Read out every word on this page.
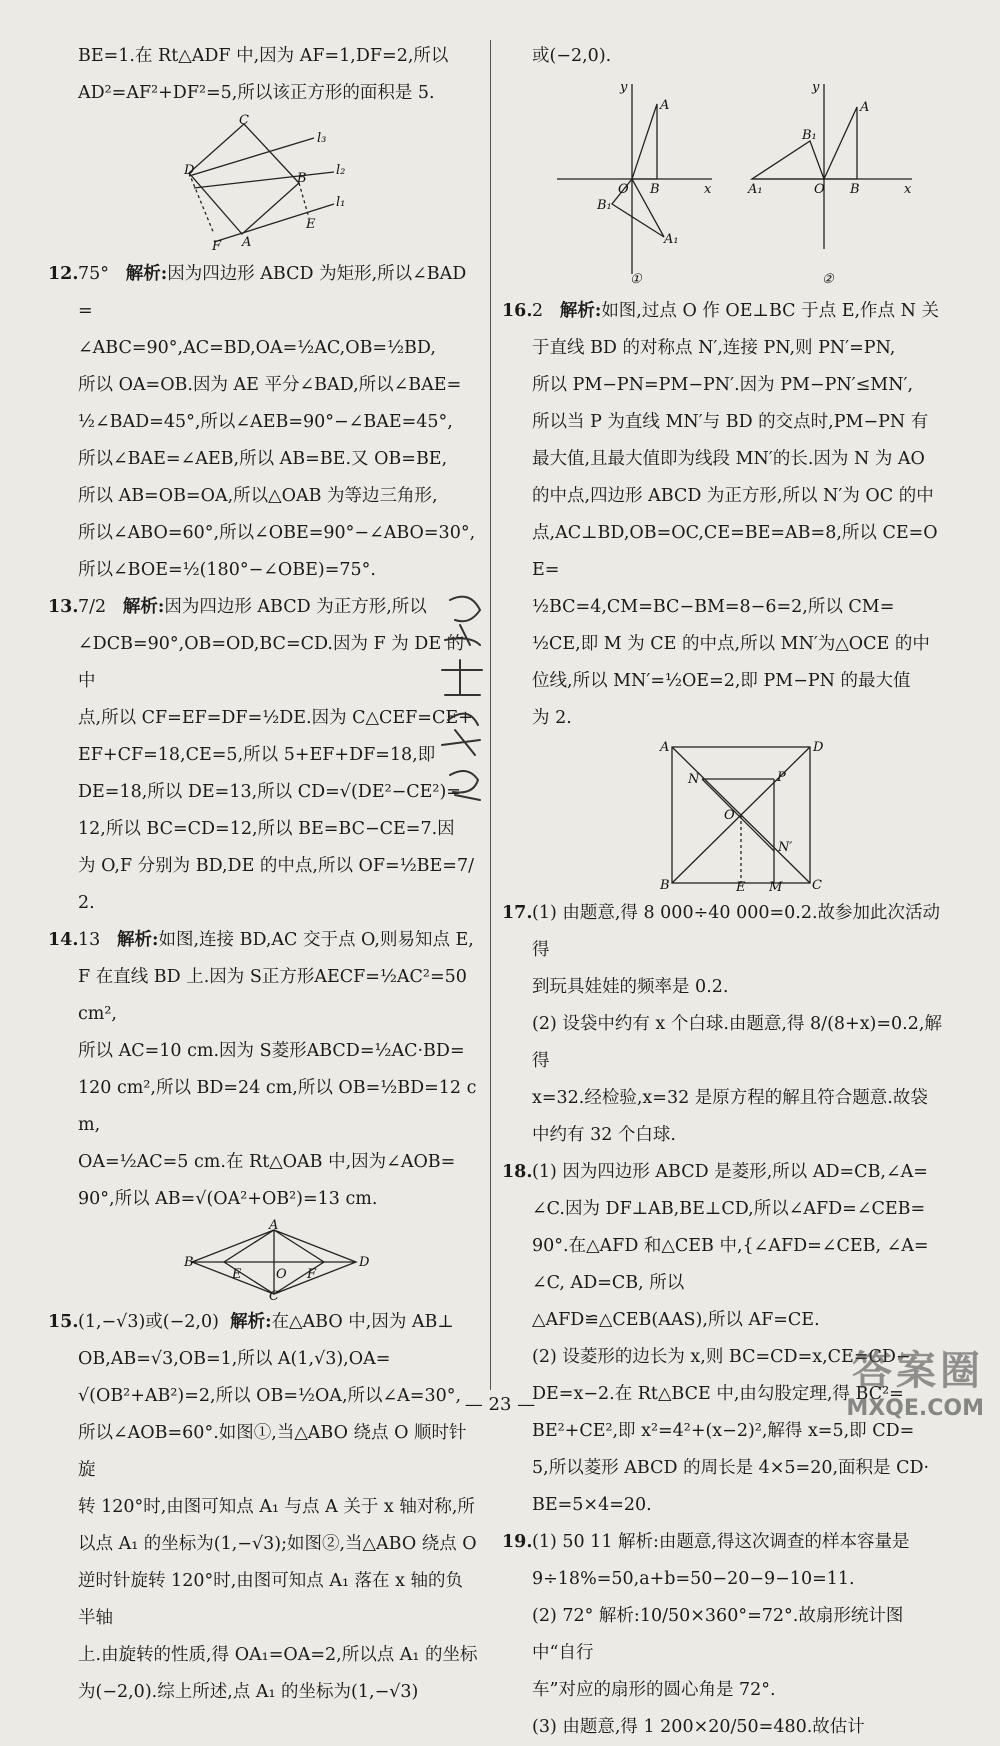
BE=1.在 Rt△ADF 中,因为 AF=1,DF=2,所以

AD²=AF²+DF²=5,所以该正方形的面积是 5.

C
l₃
D	l₂
B
l₁
E
F A
12. 75° 解析:因为四边形 ABCD 为矩形,所以∠BAD=

∠ABC=90°,AC=BD,OA=½AC,OB=½BD,

所以 OA=OB.因为 AE 平分∠BAD,所以∠BAE=

½∠BAD=45°,所以∠AEB=90°−∠BAE=45°,

所以∠BAE=∠AEB,所以 AB=BE.又 OB=BE,

所以 AB=OB=OA,所以△OAB 为等边三角形,

所以∠ABO=60°,所以∠OBE=90°−∠ABO=30°,

所以∠BOE=½(180°−∠OBE)=75°.

13. 7/2 解析:因为四边形 ABCD 为正方形,所以

∠DCB=90°,OB=OD,BC=CD.因为 F 为 DE 的中

点,所以 CF=EF=DF=½DE.因为 C△CEF=CE+

EF+CF=18,CE=5,所以 5+EF+DF=18,即

DE=18,所以 DE=13,所以 CD=√(DE²−CE²)=

12,所以 BC=CD=12,所以 BE=BC−CE=7.因

为 O,F 分别为 BD,DE 的中点,所以 OF=½BE=7/2.

14. 13 解析:如图,连接 BD,AC 交于点 O,则易知点 E,

F 在直线 BD 上.因为 S正方形AECF=½AC²=50 cm²,

所以 AC=10 cm.因为 S菱形ABCD=½AC·BD=

120 cm²,所以 BD=24 cm,所以 OB=½BD=12 cm,

OA=½AC=5 cm.在 Rt△OAB 中,因为∠AOB=

90°,所以 AB=√(OA²+OB²)=13 cm.

A
B
E	O F
D
C
15. (1,−√3)或(−2,0) 解析:在△ABO 中,因为 AB⊥

OB,AB=√3,OB=1,所以 A(1,√3),OA=

√(OB²+AB²)=2,所以 OB=½OA,所以∠A=30°,

所以∠AOB=60°.如图①,当△ABO 绕点 O 顺时针旋

转 120°时,由图可知点 A₁ 与点 A 关于 x 轴对称,所

以点 A₁ 的坐标为(1,−√3);如图②,当△ABO 绕点 O

逆时针旋转 120°时,由图可知点 A₁ 落在 x 轴的负半轴

上.由旋转的性质,得 OA₁=OA=2,所以点 A₁ 的坐标

为(−2,0).综上所述,点 A₁ 的坐标为(1,−√3)

或(−2,0).

y
A
O B	x
B₁
A₁
①
y
A
B₁
A₁	O B	x
②
16. 2 解析:如图,过点 O 作 OE⊥BC 于点 E,作点 N 关

于直线 BD 的对称点 N′,连接 PN,则 PN′=PN,

所以 PM−PN=PM−PN′.因为 PM−PN′≤MN′,

所以当 P 为直线 MN′与 BD 的交点时,PM−PN 有

最大值,且最大值即为线段 MN′的长.因为 N 为 AO

的中点,四边形 ABCD 为正方形,所以 N′为 OC 的中

点,AC⊥BD,OB=OC,CE=BE=AB=8,所以 CE=OE=

½BC=4,CM=BC−BM=8−6=2,所以 CM=

½CE,即 M 为 CE 的中点,所以 MN′为△OCE 的中

位线,所以 MN′=½OE=2,即 PM−PN 的最大值

为 2.

A	D
N	P
O
N′
B	E M C
17. (1) 由题意,得 8 000÷40 000=0.2.故参加此次活动得

到玩具娃娃的频率是 0.2.

(2) 设袋中约有 x 个白球.由题意,得 8/(8+x)=0.2,解得

x=32.经检验,x=32 是原方程的解且符合题意.故袋

中约有 32 个白球.

18. (1) 因为四边形 ABCD 是菱形,所以 AD=CB,∠A=

∠C.因为 DF⊥AB,BE⊥CD,所以∠AFD=∠CEB=

90°.在△AFD 和△CEB 中,{∠AFD=∠CEB, ∠A=∠C, AD=CB, 所以

△AFD≌△CEB(AAS),所以 AF=CE.

(2) 设菱形的边长为 x,则 BC=CD=x,CE=CD−

DE=x−2.在 Rt△BCE 中,由勾股定理,得 BC²=

BE²+CE²,即 x²=4²+(x−2)²,解得 x=5,即 CD=

5,所以菱形 ABCD 的周长是 4×5=20,面积是 CD·

BE=5×4=20.

19. (1) 50 11 解析:由题意,得这次调查的样本容量是

9÷18%=50,a+b=50−20−9−10=11.

(2) 72° 解析:10/50×360°=72°.故扇形统计图中“自行

车”对应的扇形的圆心角是 72°.

(3) 由题意,得 1 200×20/50=480.故估计

— 23 —
答案圈
MXQE.COM
